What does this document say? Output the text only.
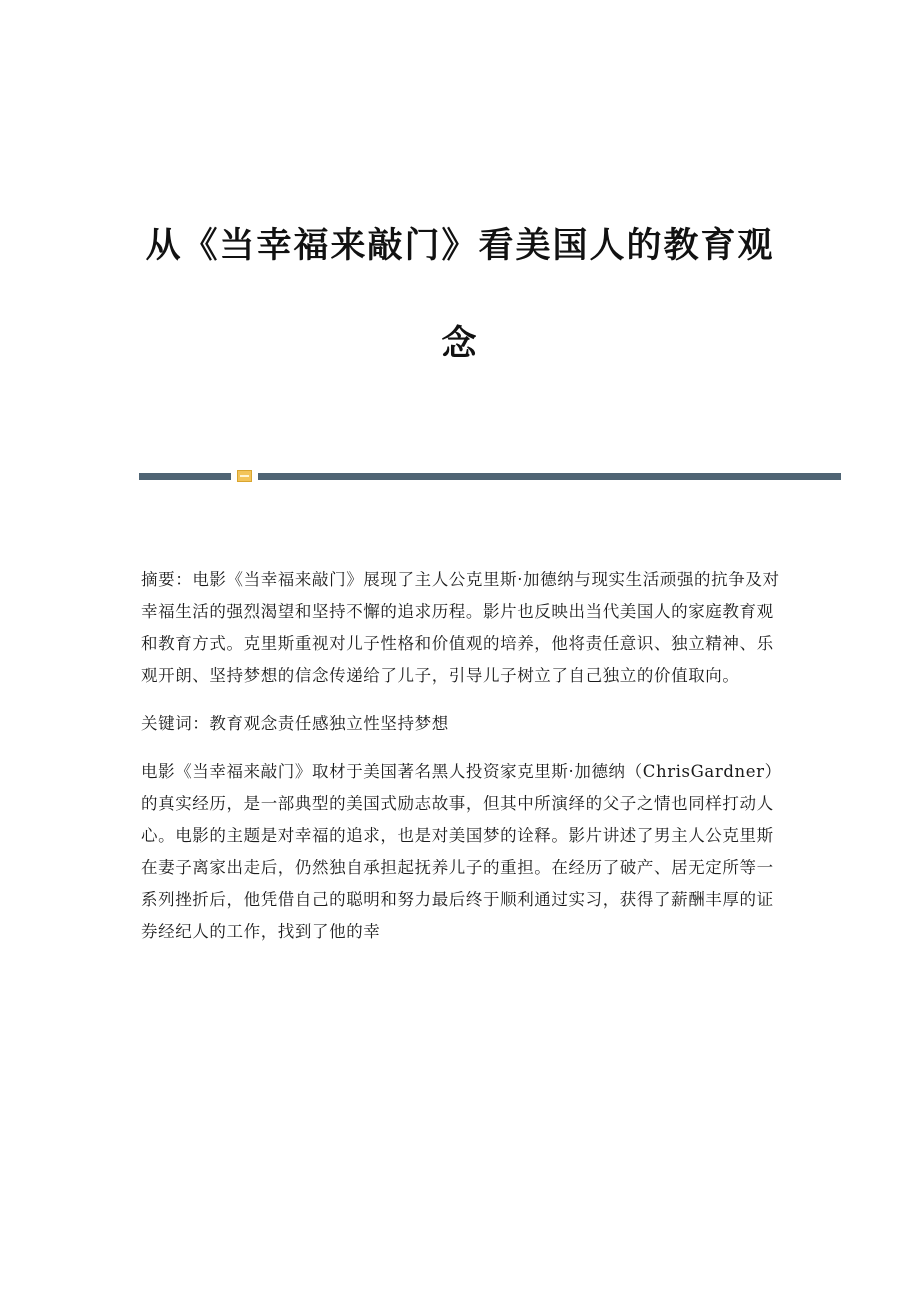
从《当幸福来敲门》看美国人的教育观
念

摘要：电影《当幸福来敲门》展现了主人公克里斯·加德纳与现实生活顽强的抗争及对幸福生活的强烈渴望和坚持不懈的追求历程。影片也反映出当代美国人的家庭教育观和教育方式。克里斯重视对儿子性格和价值观的培养，他将责任意识、独立精神、乐观开朗、坚持梦想的信念传递给了儿子，引导儿子树立了自己独立的价值取向。

关键词：教育观念责任感独立性坚持梦想

电影《当幸福来敲门》取材于美国著名黑人投资家克里斯·加德纳（ChrisGardner）的真实经历，是一部典型的美国式励志故事，但其中所演绎的父子之情也同样打动人心。电影的主题是对幸福的追求，也是对美国梦的诠释。影片讲述了男主人公克里斯在妻子离家出走后，仍然独自承担起抚养儿子的重担。在经历了破产、居无定所等一系列挫折后，他凭借自己的聪明和努力最后终于顺利通过实习，获得了薪酬丰厚的证券经纪人的工作，找到了他的幸
